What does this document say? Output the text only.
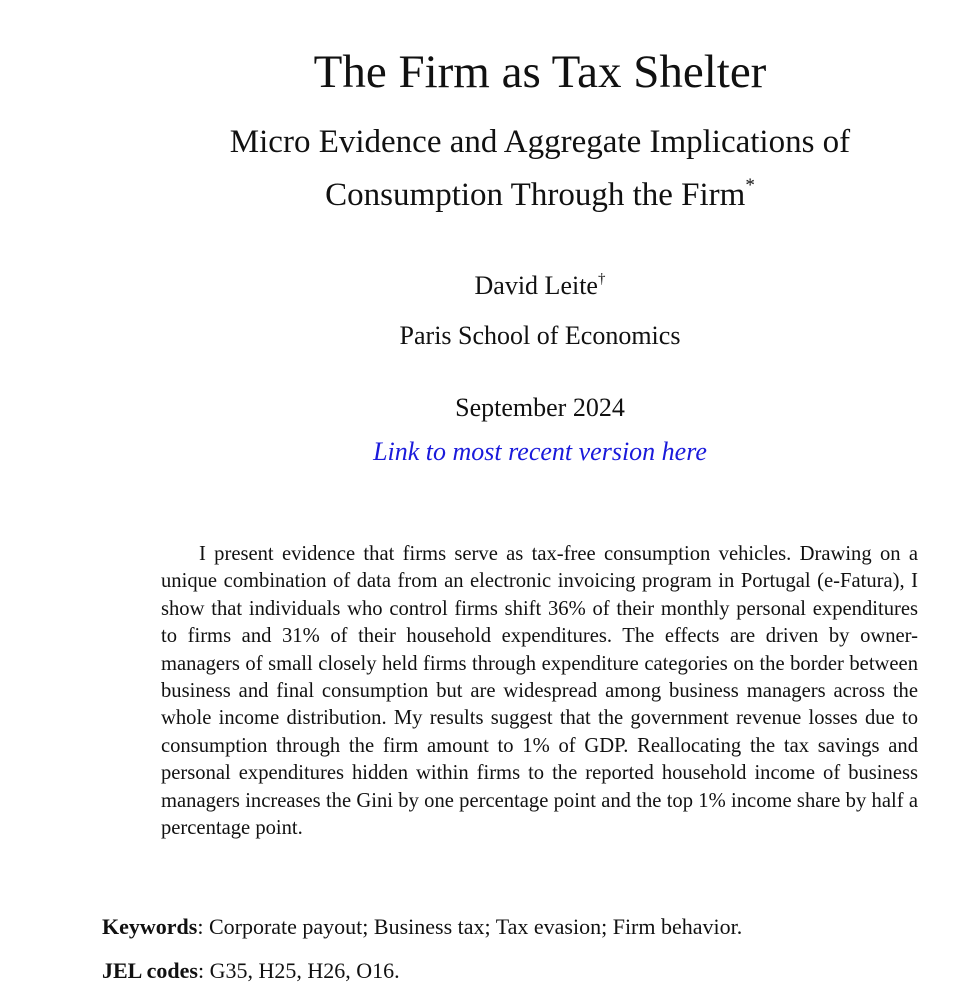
The Firm as Tax Shelter
Micro Evidence and Aggregate Implications of
Consumption Through the Firm*
David Leite†
Paris School of Economics
September 2024
Link to most recent version here

I present evidence that firms serve as tax-free consumption vehicles. Drawing on a unique combination of data from an electronic invoicing program in Portugal (e-Fatura), I show that individuals who control firms shift 36% of their monthly personal expenditures to firms and 31% of their household expenditures. The effects are driven by owner-managers of small closely held firms through expenditure categories on the border between business and final consumption but are widespread among business managers across the whole income distribution. My results suggest that the government revenue losses due to consumption through the firm amount to 1% of GDP. Reallocating the tax savings and personal expenditures hidden within firms to the reported household income of business managers increases the Gini by one percentage point and the top 1% income share by half a percentage point.

Keywords: Corporate payout; Business tax; Tax evasion; Firm behavior.
JEL codes: G35, H25, H26, O16.
